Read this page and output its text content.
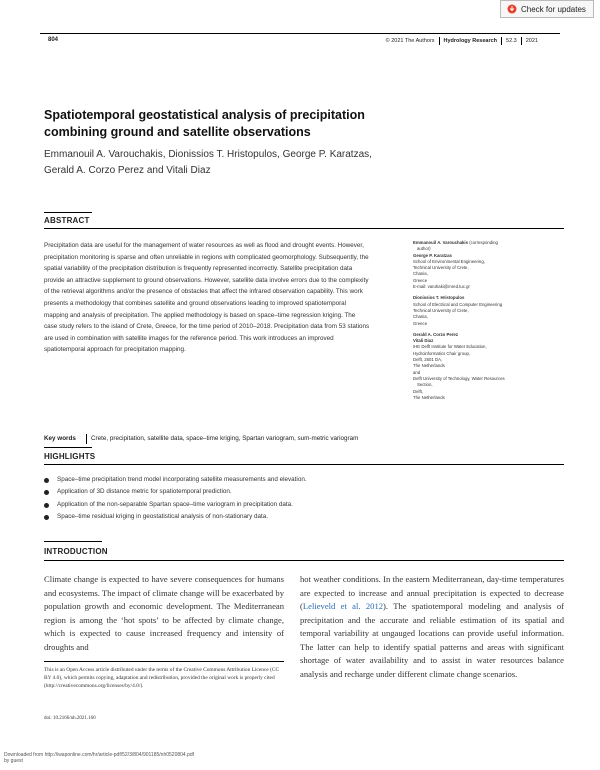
Check for updates
804	© 2021 The Authors Hydrology Research 52.3 2021
Spatiotemporal geostatistical analysis of precipitation combining ground and satellite observations
Emmanouil A. Varouchakis, Dionissios T. Hristopulos, George P. Karatzas,
Gerald A. Corzo Perez and Vitali Diaz
ABSTRACT
Precipitation data are useful for the management of water resources as well as flood and drought events. However, precipitation monitoring is sparse and often unreliable in regions with complicated geomorphology. Subsequently, the spatial variability of the precipitation distribution is frequently represented incorrectly. Satellite precipitation data provide an attractive supplement to ground observations. However, satellite data involve errors due to the complexity of the retrieval algorithms and/or the presence of obstacles that affect the infrared observation capability. This work presents a methodology that combines satellite and ground observations leading to improved spatiotemporal mapping and analysis of precipitation. The applied methodology is based on space–time regression kriging. The case study refers to the island of Crete, Greece, for the time period of 2010–2018. Precipitation data from 53 stations are used in combination with satellite images for the reference period. This work introduces an improved spatiotemporal approach for precipitation mapping.
Key words	Crete, precipitation, satellite data, space–time kriging, Spartan variogram, sum-metric variogram
Emmanouil A. Varouchakis (corresponding
author)
George P. Karatzas
School of Environmental Engineering,
Technical University of Crete,
Chania,
Greece
E-mail: varuhaki@mred.tuc.gr
Dionissios T. Hristopulos
School of Electrical and Computer Engineering
Technical University of Crete,
Chania,
Greece
Gerald A. Corzo Perez
Vitali Diaz
IHE Delft Institute for Water Education,
Hydroinformatics Chair group,
Delft, 2601 DA,
The Netherlands
and
Delft University of Technology, Water Resources
Section,
Delft,
The Netherlands
HIGHLIGHTS
Space–time precipitation trend model incorporating satellite measurements and elevation.
Application of 3D distance metric for spatiotemporal prediction.
Application of the non-separable Spartan space–time variogram in precipitation data.
Space–time residual kriging in geostatistical analysis of non-stationary data.
INTRODUCTION
Climate change is expected to have severe consequences for humans and ecosystems. The impact of climate change will be exacerbated by population growth and economic development. The Mediterranean region is among the ‘hot spots’ to be affected by climate change, which is expected to cause increased frequency and intensity of droughts and
hot weather conditions. In the eastern Mediterranean, day-time temperatures are expected to increase and annual precipitation is expected to decrease (Lelieveld et al. 2012). The spatiotemporal modeling and analysis of precipitation and the accurate and reliable estimation of its spatial and temporal variability at ungauged locations can provide useful information. The latter can help to identify spatial patterns and areas with significant shortage of water availability and to assist in water resources balance analysis and recharge under different climate change scenarios.
This is an Open Access article distributed under the terms of the Creative Commons Attribution Licence (CC BY 4.0), which permits copying, adaptation and redistribution, provided the original work is properly cited (http://creativecommons.org/licenses/by/4.0/).
doi: 10.2166/nh.2021.160
Downloaded from http://iwaponline.com/hr/article-pdf/52/3/804/901185/nh0520804.pdf
by guest
